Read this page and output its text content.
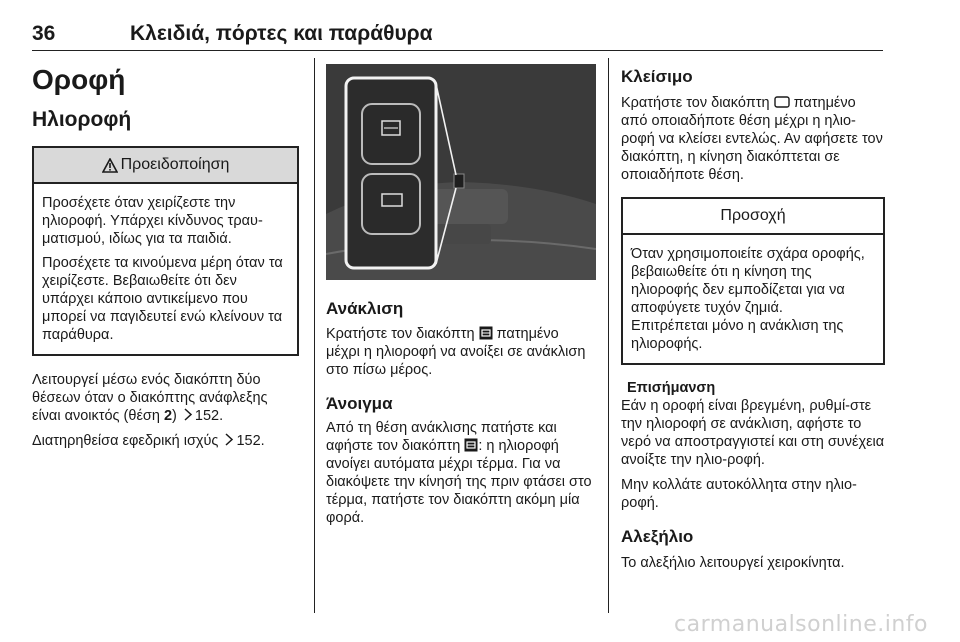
36	Κλειδιά, πόρτες και παράθυρα
Οροφή
Ηλιοροφή
Προειδοποίηση

Προσέχετε όταν χειρίζεστε την ηλιοροφή. Υπάρχει κίνδυνος τραυ-ματισμού, ιδίως για τα παιδιά.

Προσέχετε τα κινούμενα μέρη όταν τα χειρίζεστε. Βεβαιωθείτε ότι δεν υπάρχει κάποιο αντικείμενο που μπορεί να παγιδευτεί ενώ κλείνουν τα παράθυρα.

Λειτουργεί μέσω ενός διακόπτη δύο θέσεων όταν ο διακόπτης ανάφλεξης είναι ανοικτός (θέση 2) 152.

Διατηρηθείσα εφεδρική ισχύς 152.

Ανάκλιση

Κρατήστε τον διακόπτη  πατημένο μέχρι η ηλιοροφή να ανοίξει σε ανάκλιση στο πίσω μέρος.

Άνοιγμα

Από τη θέση ανάκλισης πατήστε και αφήστε τον διακόπτη : η ηλιοροφή ανοίγει αυτόματα μέχρι τέρμα. Για να διακόψετε την κίνησή της πριν φτάσει στο τέρμα, πατήστε τον διακόπτη ακόμη μία φορά.

Κλείσιμο

Κρατήστε τον διακόπτη  πατημένο από οποιαδήποτε θέση μέχρι η ηλιο-ροφή να κλείσει εντελώς. Αν αφήσετε τον διακόπτη, η κίνηση διακόπτεται σε οποιαδήποτε θέση.

Προσοχή

Όταν χρησιμοποιείτε σχάρα οροφής, βεβαιωθείτε ότι η κίνηση της ηλιοροφής δεν εμποδίζεται για να αποφύγετε τυχόν ζημιά.

Επιτρέπεται μόνο η ανάκλιση της ηλιοροφής.

Επισήμανση

Εάν η οροφή είναι βρεγμένη, ρυθμί-στε την ηλιοροφή σε ανάκλιση, αφήστε το νερό να αποστραγγιστεί και στη συνέχεια ανοίξτε την ηλιο-ροφή.

Μην κολλάτε αυτοκόλλητα στην ηλιο-ροφή.

Αλεξήλιο

Το αλεξήλιο λειτουργεί χειροκίνητα.

carmanualsonline.info
